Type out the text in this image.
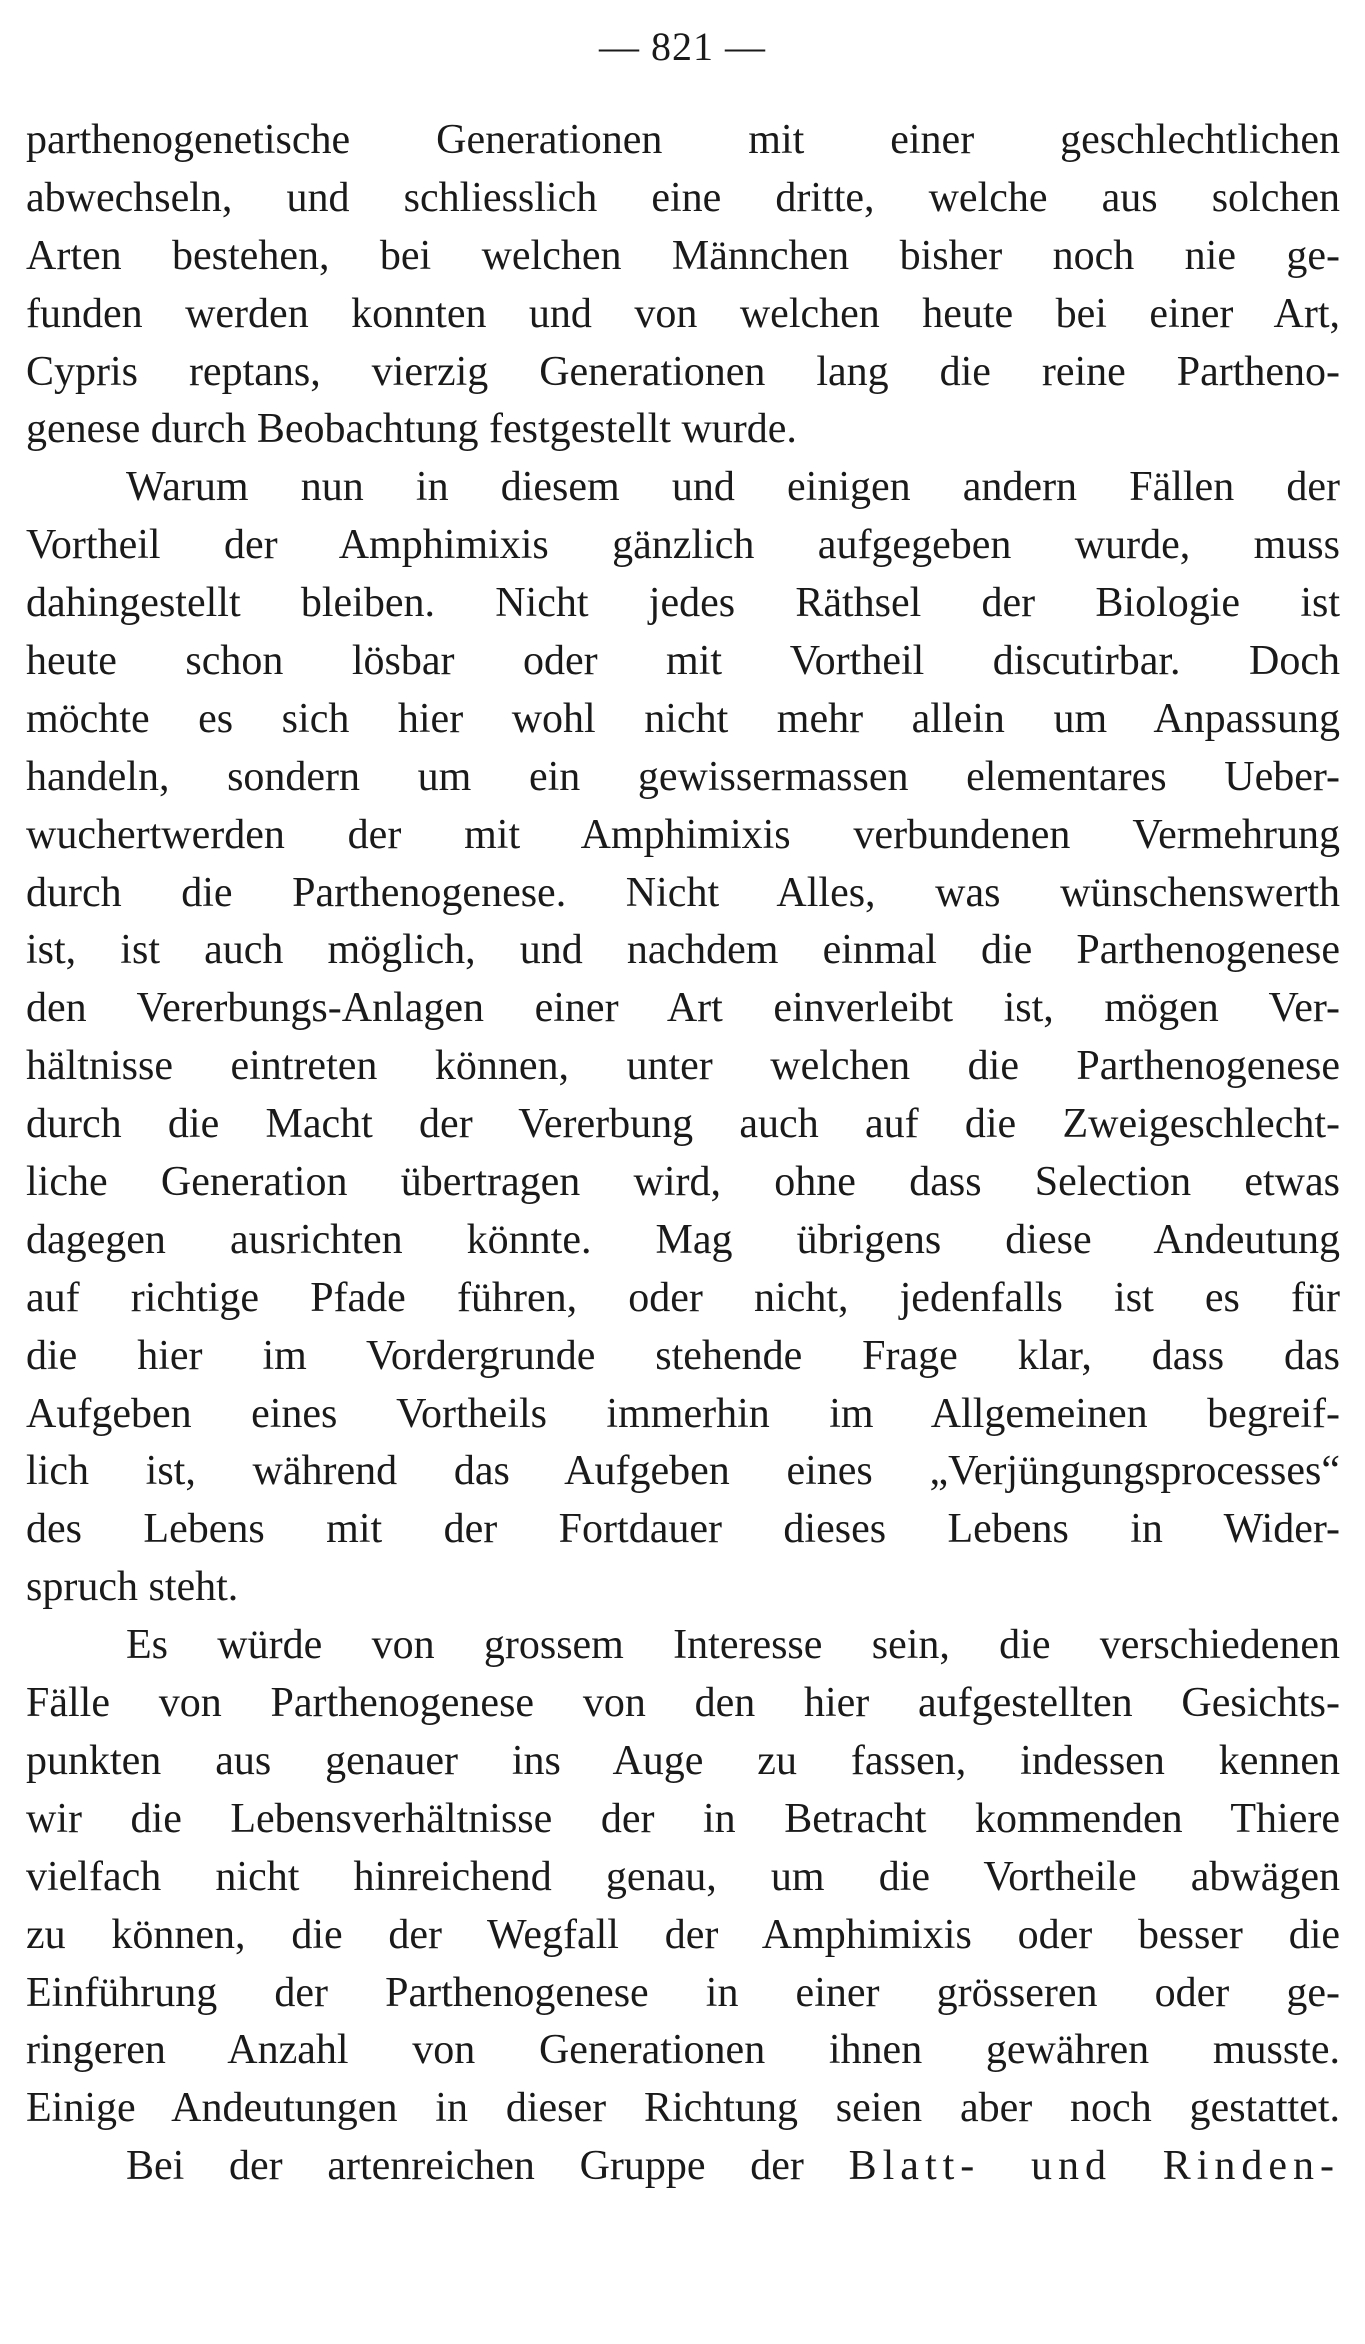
— 821 —
parthenogenetische Generationen mit einer geschlechtlichen
abwechseln, und schliesslich eine dritte, welche aus solchen
Arten bestehen, bei welchen Männchen bisher noch nie ge-
funden werden konnten und von welchen heute bei einer Art,
Cypris reptans, vierzig Generationen lang die reine Partheno-
genese durch Beobachtung festgestellt wurde.
Warum nun in diesem und einigen andern Fällen der
Vortheil der Amphimixis gänzlich aufgegeben wurde, muss
dahingestellt bleiben. Nicht jedes Räthsel der Biologie ist
heute schon lösbar oder mit Vortheil discutirbar. Doch
möchte es sich hier wohl nicht mehr allein um Anpassung
handeln, sondern um ein gewissermassen elementares Ueber-
wuchertwerden der mit Amphimixis verbundenen Vermehrung
durch die Parthenogenese. Nicht Alles, was wünschenswerth
ist, ist auch möglich, und nachdem einmal die Parthenogenese
den Vererbungs-Anlagen einer Art einverleibt ist, mögen Ver-
hältnisse eintreten können, unter welchen die Parthenogenese
durch die Macht der Vererbung auch auf die Zweigeschlecht-
liche Generation übertragen wird, ohne dass Selection etwas
dagegen ausrichten könnte. Mag übrigens diese Andeutung
auf richtige Pfade führen, oder nicht, jedenfalls ist es für
die hier im Vordergrunde stehende Frage klar, dass das
Aufgeben eines Vortheils immerhin im Allgemeinen begreif-
lich ist, während das Aufgeben eines „Verjüngungsprocesses“
des Lebens mit der Fortdauer dieses Lebens in Wider-
spruch steht.
Es würde von grossem Interesse sein, die verschiedenen
Fälle von Parthenogenese von den hier aufgestellten Gesichts-
punkten aus genauer ins Auge zu fassen, indessen kennen
wir die Lebensverhältnisse der in Betracht kommenden Thiere
vielfach nicht hinreichend genau, um die Vortheile abwägen
zu können, die der Wegfall der Amphimixis oder besser die
Einführung der Parthenogenese in einer grösseren oder ge-
ringeren Anzahl von Generationen ihnen gewähren musste.
Einige Andeutungen in dieser Richtung seien aber noch gestattet.
Bei der artenreichen Gruppe der Blatt- und Rinden-
